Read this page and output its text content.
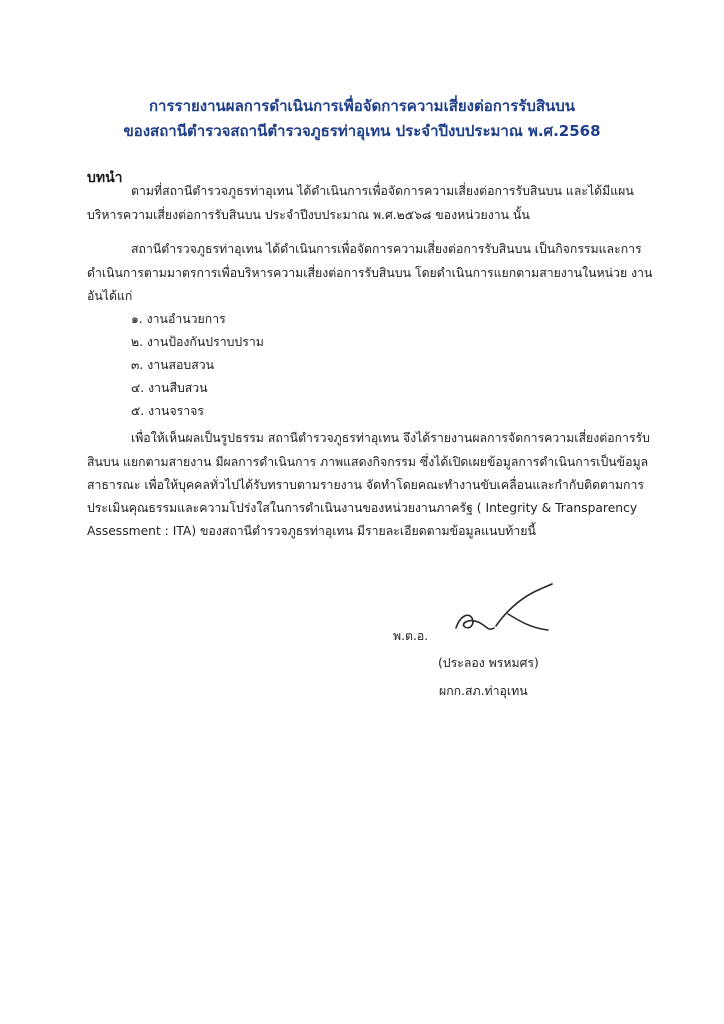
การรายงานผลการดำเนินการเพื่อจัดการความเสี่ยงต่อการรับสินบน
ของสถานีตำรวจสถานีตำรวจภูธรท่าอุเทน ประจำปีงบประมาณ พ.ศ.2568
บทนำ
ตามที่สถานีตำรวจภูธรท่าอุเทน ได้ดำเนินการเพื่อจัดการความเสี่ยงต่อการรับสินบน และได้มีแผน
บริหารความเสี่ยงต่อการรับสินบน ประจำปีงบประมาณ พ.ศ.๒๕๖๘ ของหน่วยงาน นั้น
สถานีตำรวจภูธรท่าอุเทน ได้ดำเนินการเพื่อจัดการความเสี่ยงต่อการรับสินบน เป็นกิจกรรมและการ
ดำเนินการตามมาตรการเพื่อบริหารความเสี่ยงต่อการรับสินบน โดยดำเนินการแยกตามสายงานในหน่วย งาน
อันได้แก่
๑. งานอำนวยการ
๒. งานป้องกันปราบปราม
๓. งานสอบสวน
๔. งานสืบสวน
๕. งานจราจร
เพื่อให้เห็นผลเป็นรูปธรรม สถานีตำรวจภูธรท่าอุเทน จึงได้รายงานผลการจัดการความเสี่ยงต่อการรับ
สินบน แยกตามสายงาน มีผลการดำเนินการ ภาพแสดงกิจกรรม ซึ่งได้เปิดเผยข้อมูลการดำเนินการเป็นข้อมูล
สาธารณะ เพื่อให้บุคคลทั่วไปได้รับทราบตามรายงาน จัดทำโดยคณะทำงานขับเคลื่อนและกำกับติดตามการ
ประเมินคุณธรรมและความโปร่งใสในการดำเนินงานของหน่วยงานภาครัฐ ( Integrity & Transparency
Assessment : ITA) ของสถานีตำรวจภูธรท่าอุเทน มีรายละเอียดตามข้อมูลแนบท้ายนี้
พ.ต.อ.
(ประลอง พรหมศร)
ผกก.สภ.ท่าอุเทน
